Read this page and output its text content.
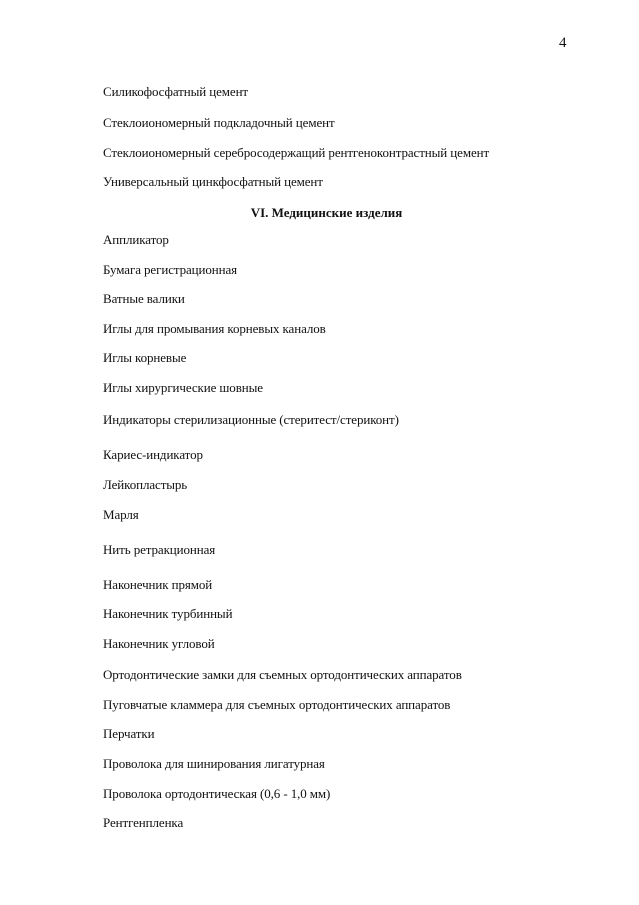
4
Силикофосфатный цемент
Стеклоиономерный подкладочный цемент
Стеклоиономерный серебросодержащий рентгеноконтрастный цемент
Универсальный цинкфосфатный цемент
VI. Медицинские изделия
Аппликатор
Бумага регистрационная
Ватные валики
Иглы для промывания корневых каналов
Иглы корневые
Иглы хирургические шовные
Индикаторы стерилизационные (стеритест/стериконт)
Кариес-индикатор
Лейкопластырь
Марля
Нить ретракционная
Наконечник прямой
Наконечник турбинный
Наконечник угловой
Ортодонтические замки для съемных ортодонтических аппаратов
Пуговчатые кламмера для съемных ортодонтических аппаратов
Перчатки
Проволока для шинирования лигатурная
Проволока ортодонтическая (0,6 - 1,0 мм)
Рентгенпленка
